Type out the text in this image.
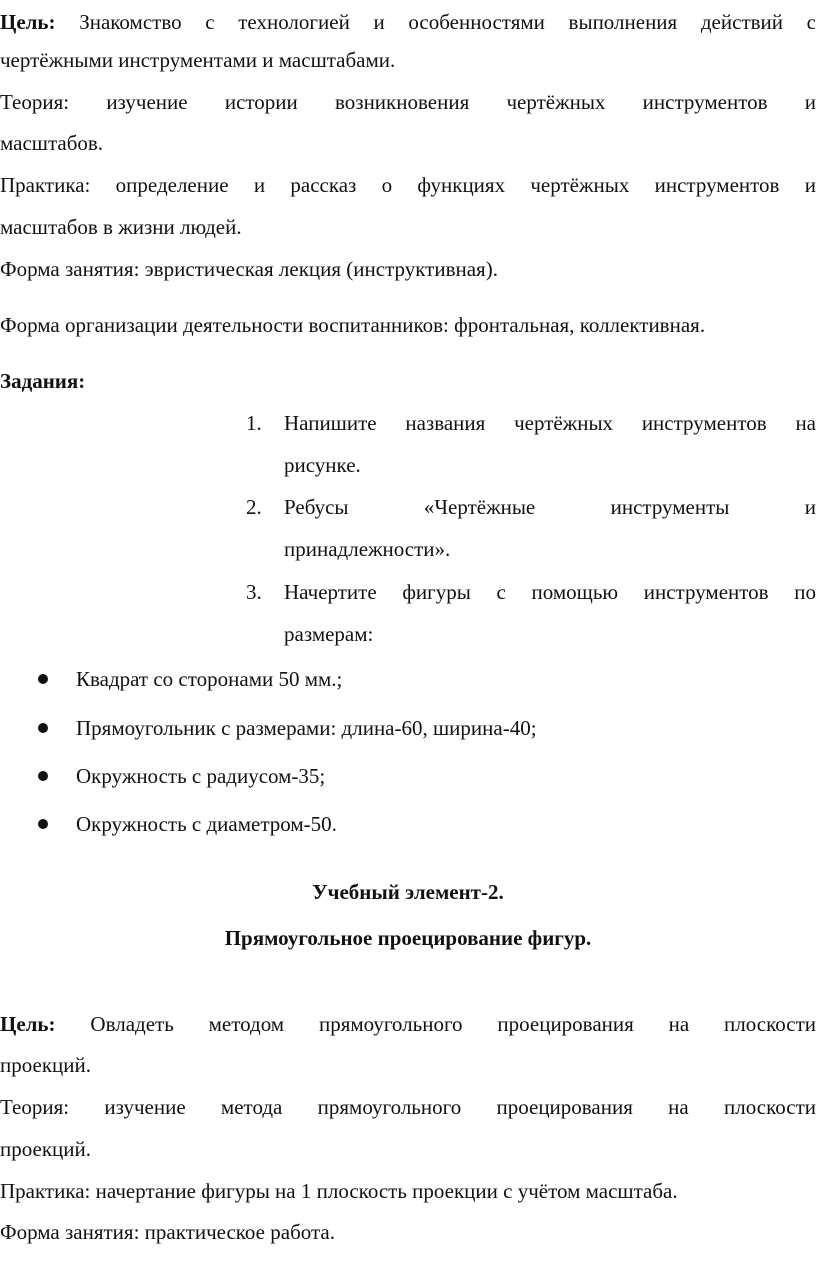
Цель: Знакомство с технологией и особенностями выполнения действий с
чертёжными инструментами и масштабами.
Теория: изучение истории возникновения чертёжных инструментов и
масштабов.
Практика: определение и рассказ о функциях чертёжных инструментов и
масштабов в жизни людей.
Форма занятия: эвристическая лекция (инструктивная).
Форма организации деятельности воспитанников: фронтальная, коллективная.
Задания:
1.	Напишите названия чертёжных инструментов на
рисунке.
2.	Ребусы «Чертёжные инструменты и
принадлежности».
3.	Начертите фигуры с помощью инструментов по
размерам:
Квадрат со сторонами 50 мм.;
Прямоугольник с размерами: длина-60, ширина-40;
Окружность с радиусом-35;
Окружность с диаметром-50.
Учебный элемент-2.
Прямоугольное проецирование фигур.
Цель: Овладеть методом прямоугольного проецирования на плоскости
проекций.
Теория: изучение метода прямоугольного проецирования на плоскости
проекций.
Практика: начертание фигуры на 1 плоскость проекции с учётом масштаба.
Форма занятия: практическое работа.
